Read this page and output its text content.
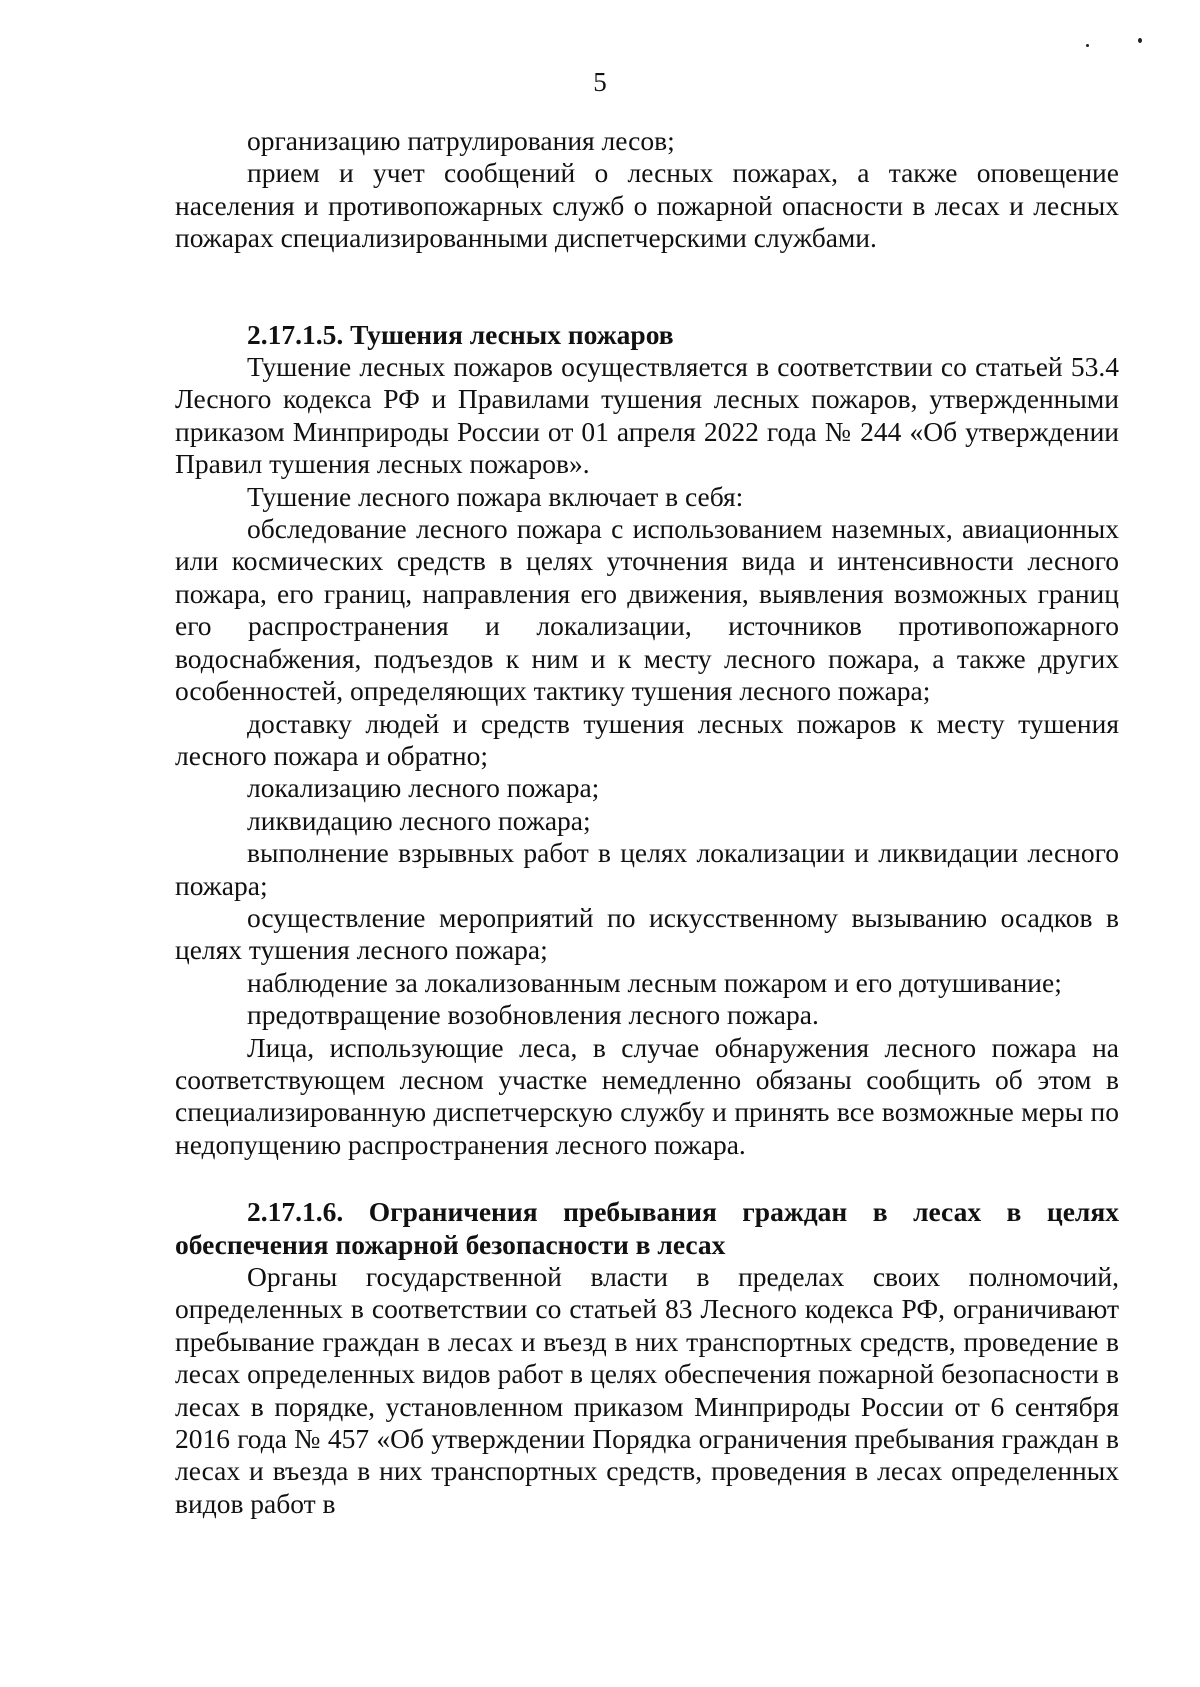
5

организацию патрулирования лесов;

прием и учет сообщений о лесных пожарах, а также оповещение населения и противопожарных служб о пожарной опасности в лесах и лесных пожарах специализированными диспетчерскими службами.

2.17.1.5. Тушения лесных пожаров

Тушение лесных пожаров осуществляется в соответствии со статьей 53.4 Лесного кодекса РФ и Правилами тушения лесных пожаров, утвержденными приказом Минприроды России от 01 апреля 2022 года № 244 «Об утверждении Правил тушения лесных пожаров».

Тушение лесного пожара включает в себя:

обследование лесного пожара с использованием наземных, авиационных или космических средств в целях уточнения вида и интенсивности лесного пожара, его границ, направления его движения, выявления возможных границ его распространения и локализации, источников противопожарного водоснабжения, подъездов к ним и к месту лесного пожара, а также других особенностей, определяющих тактику тушения лесного пожара;

доставку людей и средств тушения лесных пожаров к месту тушения лесного пожара и обратно;

локализацию лесного пожара;

ликвидацию лесного пожара;

выполнение взрывных работ в целях локализации и ликвидации лесного пожара;

осуществление мероприятий по искусственному вызыванию осадков в целях тушения лесного пожара;

наблюдение за локализованным лесным пожаром и его дотушивание;

предотвращение возобновления лесного пожара.

Лица, использующие леса, в случае обнаружения лесного пожара на соответствующем лесном участке немедленно обязаны сообщить об этом в специализированную диспетчерскую службу и принять все возможные меры по недопущению распространения лесного пожара.

2.17.1.6. Ограничения пребывания граждан в лесах в целях обеспечения пожарной безопасности в лесах

Органы государственной власти в пределах своих полномочий, определенных в соответствии со статьей 83 Лесного кодекса РФ, ограничивают пребывание граждан в лесах и въезд в них транспортных средств, проведение в лесах определенных видов работ в целях обеспечения пожарной безопасности в лесах в порядке, установленном приказом Минприроды России от 6 сентября 2016 года № 457 «Об утверждении Порядка ограничения пребывания граждан в лесах и въезда в них транспортных средств, проведения в лесах определенных видов работ в
